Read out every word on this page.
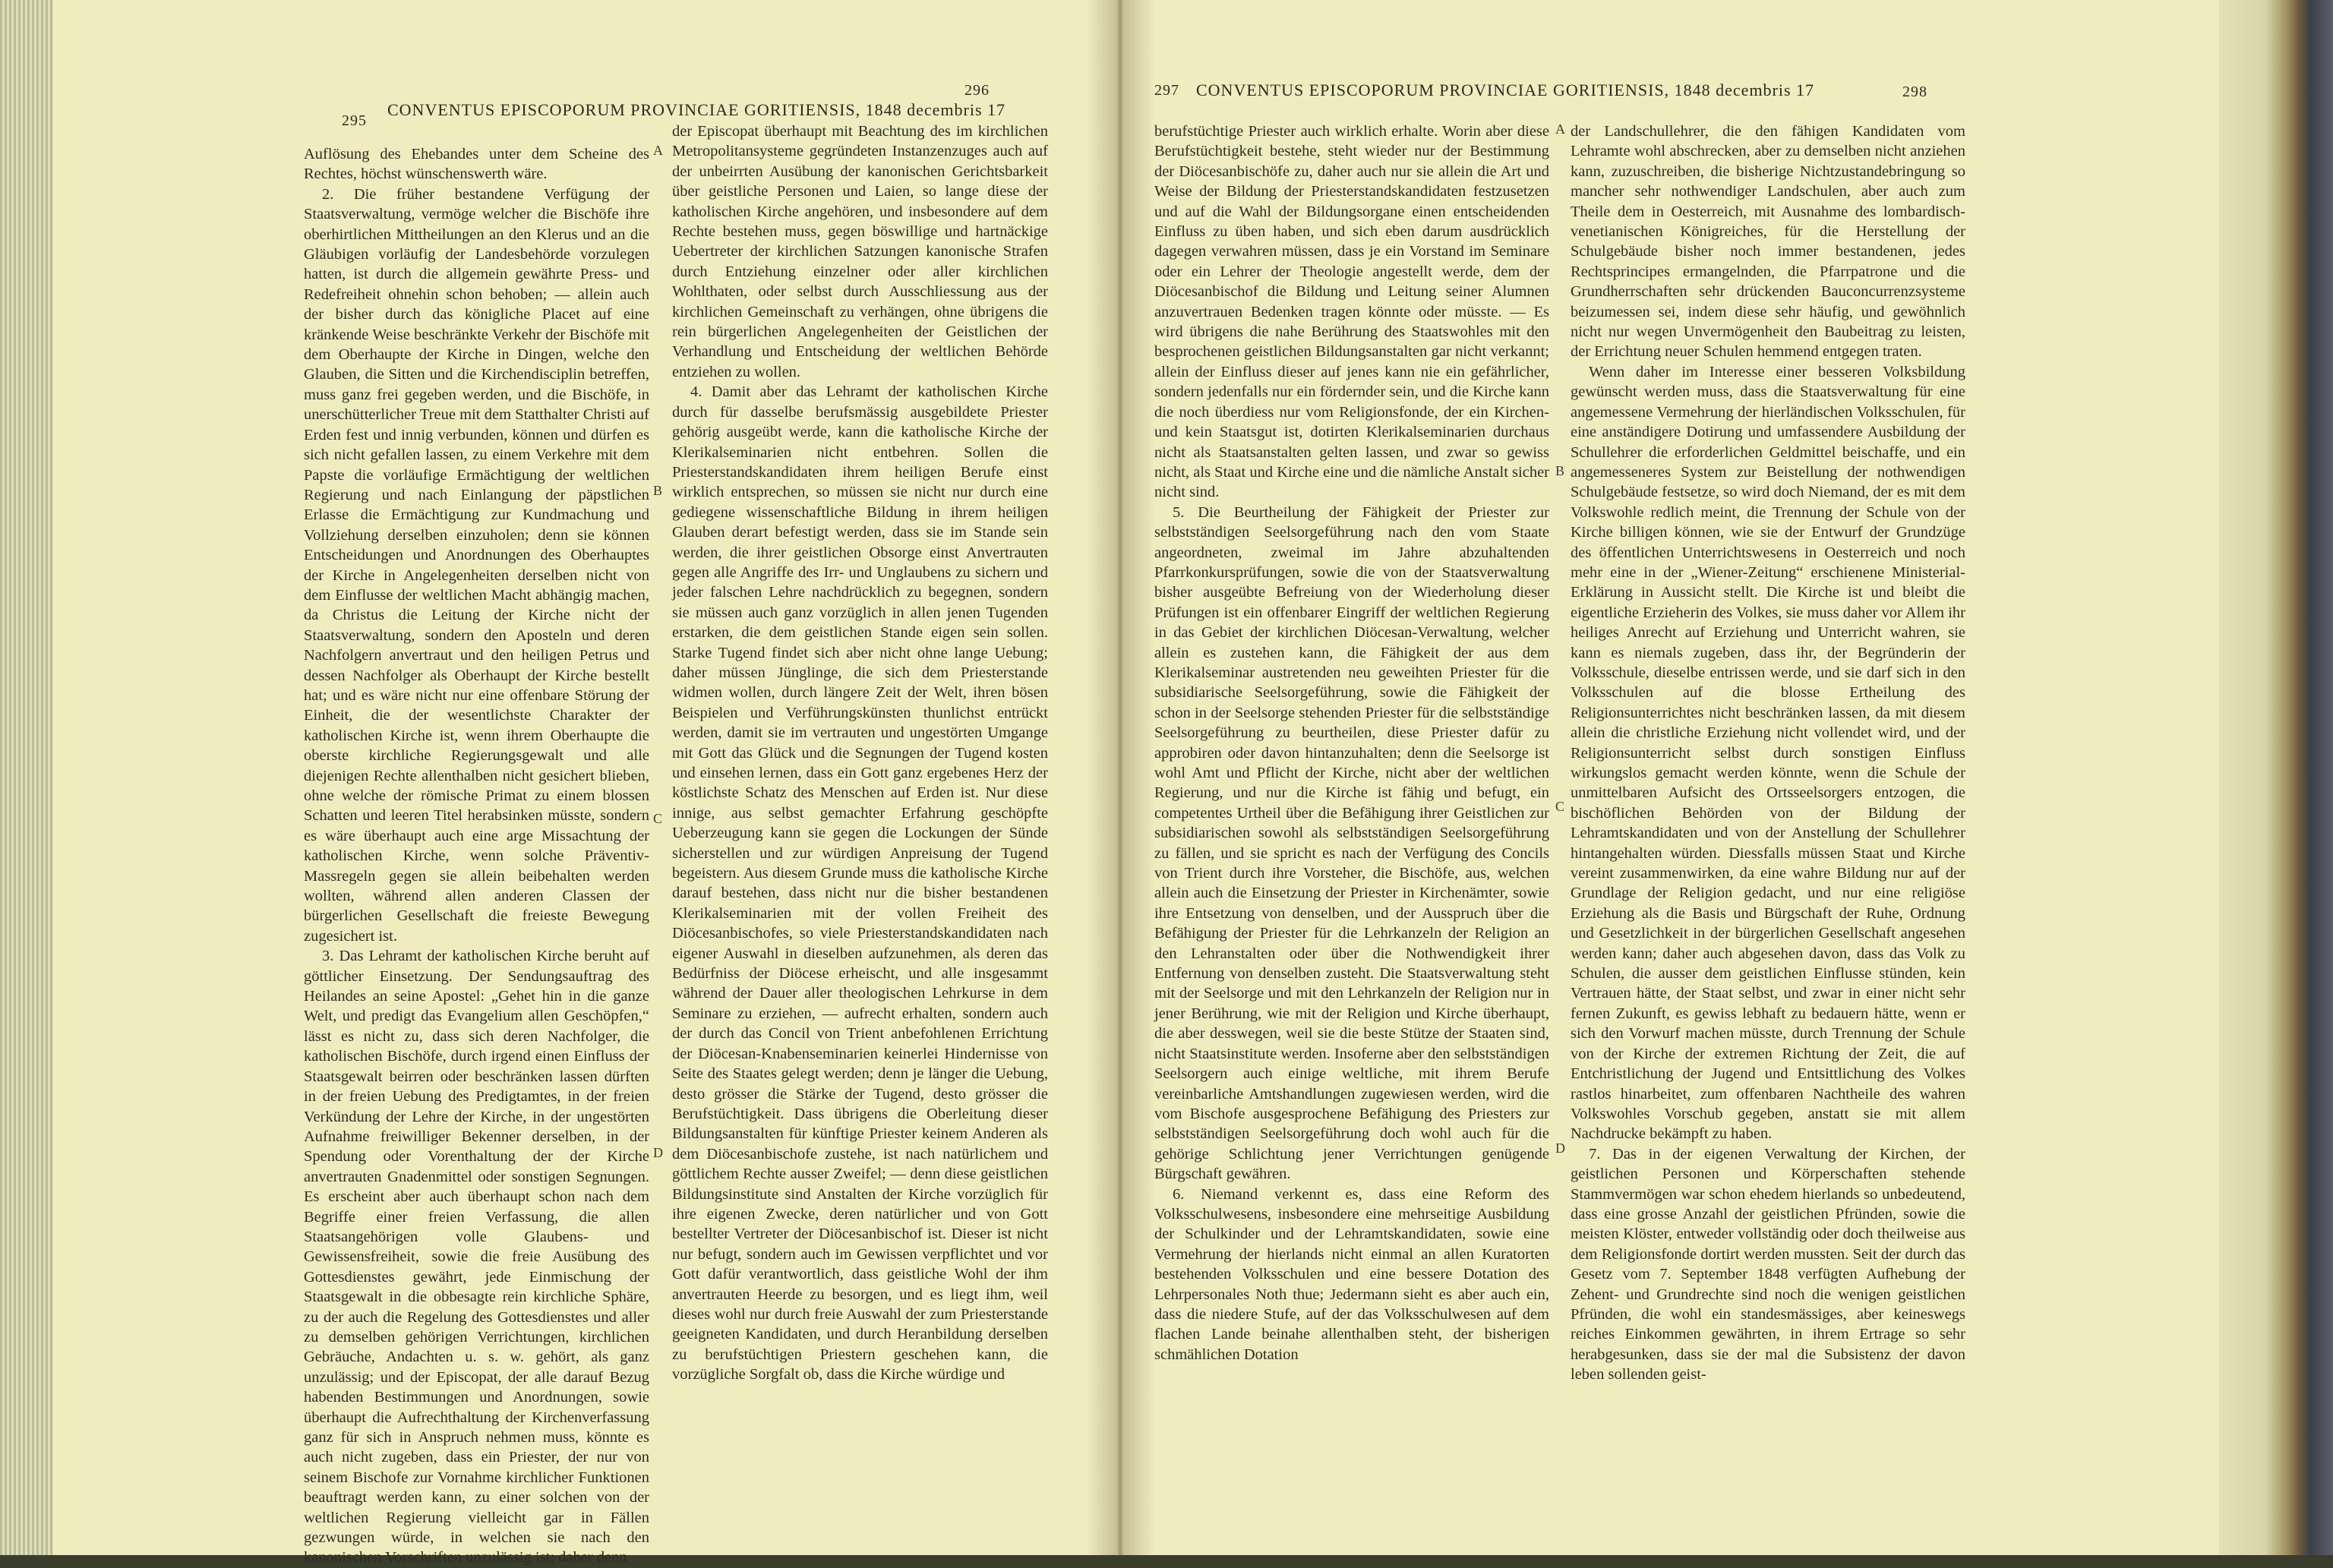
295
CONVENTUS EPISCOPORUM PROVINCIAE GORITIENSIS, 1848 decembris 17
296

Auflösung des Ehebandes unter dem Scheine des Rechtes, höchst wünschenswerth wäre.

2. Die früher bestandene Verfügung der Staatsverwaltung, vermöge welcher die Bischöfe ihre oberhirtlichen Mittheilungen an den Klerus und an die Gläubigen vorläufig der Landesbehörde vorzulegen hatten, ist durch die allgemein gewährte Press- und Redefreiheit ohnehin schon behoben; — allein auch der bisher durch das königliche Placet auf eine kränkende Weise beschränkte Verkehr der Bischöfe mit dem Oberhaupte der Kirche in Dingen, welche den Glauben, die Sitten und die Kirchendisciplin betreffen, muss ganz frei gegeben werden, und die Bischöfe, in unerschütterlicher Treue mit dem Statthalter Christi auf Erden fest und innig verbunden, können und dürfen es sich nicht gefallen lassen, zu einem Verkehre mit dem Papste die vorläufige Ermächtigung der weltlichen Regierung und nach Einlangung der päpstlichen Erlasse die Ermächtigung zur Kundmachung und Vollziehung derselben einzuholen; denn sie können Entscheidungen und Anordnungen des Oberhauptes der Kirche in Angelegenheiten derselben nicht von dem Einflusse der weltlichen Macht abhängig machen, da Christus die Leitung der Kirche nicht der Staatsverwaltung, sondern den Aposteln und deren Nachfolgern anvertraut und den heiligen Petrus und dessen Nachfolger als Oberhaupt der Kirche bestellt hat; und es wäre nicht nur eine offenbare Störung der Einheit, die der wesentlichste Charakter der katholischen Kirche ist, wenn ihrem Oberhaupte die oberste kirchliche Regierungsgewalt und alle diejenigen Rechte allenthalben nicht gesichert blieben, ohne welche der römische Primat zu einem blossen Schatten und leeren Titel herabsinken müsste, sondern es wäre überhaupt auch eine arge Missachtung der katholischen Kirche, wenn solche Präventiv-Massregeln gegen sie allein beibehalten werden wollten, während allen anderen Classen der bürgerlichen Gesellschaft die freieste Bewegung zugesichert ist.

3. Das Lehramt der katholischen Kirche beruht auf göttlicher Einsetzung. Der Sendungsauftrag des Heilandes an seine Apostel: „Gehet hin in die ganze Welt, und predigt das Evangelium allen Geschöpfen,“ lässt es nicht zu, dass sich deren Nachfolger, die katholischen Bischöfe, durch irgend einen Einfluss der Staatsgewalt beirren oder beschränken lassen dürften in der freien Uebung des Predigtamtes, in der freien Verkündung der Lehre der Kirche, in der ungestörten Aufnahme freiwilliger Bekenner derselben, in der Spendung oder Vorenthaltung der der Kirche anvertrauten Gnadenmittel oder sonstigen Segnungen. Es erscheint aber auch überhaupt schon nach dem Begriffe einer freien Verfassung, die allen Staatsangehörigen volle Glaubens- und Gewissensfreiheit, sowie die freie Ausübung des Gottesdienstes gewährt, jede Einmischung der Staatsgewalt in die obbesagte rein kirchliche Sphäre, zu der auch die Regelung des Gottesdienstes und aller zu demselben gehörigen Verrichtungen, kirchlichen Gebräuche, Andachten u. s. w. gehört, als ganz unzulässig; und der Episcopat, der alle darauf Bezug habenden Bestimmungen und Anordnungen, sowie überhaupt die Aufrechthaltung der Kirchenverfassung ganz für sich in Anspruch nehmen muss, könnte es auch nicht zugeben, dass ein Priester, der nur von seinem Bischofe zur Vornahme kirchlicher Funktionen beauftragt werden kann, zu einer solchen von der weltlichen Regierung vielleicht gar in Fällen gezwungen würde, in welchen sie nach den kanonischen Vorschriften unzulässig ist; daher denn

A
B
C
D

der Episcopat überhaupt mit Beachtung des im kirchlichen Metropolitansysteme gegründeten Instanzenzuges auch auf der unbeirrten Ausübung der kanonischen Gerichtsbarkeit über geistliche Personen und Laien, so lange diese der katholischen Kirche angehören, und insbesondere auf dem Rechte bestehen muss, gegen böswillige und hartnäckige Uebertreter der kirchlichen Satzungen kanonische Strafen durch Entziehung einzelner oder aller kirchlichen Wohlthaten, oder selbst durch Ausschliessung aus der kirchlichen Gemeinschaft zu verhängen, ohne übrigens die rein bürgerlichen Angelegenheiten der Geistlichen der Verhandlung und Entscheidung der weltlichen Behörde entziehen zu wollen.

4. Damit aber das Lehramt der katholischen Kirche durch für dasselbe berufsmässig ausgebildete Priester gehörig ausgeübt werde, kann die katholische Kirche der Klerikalseminarien nicht entbehren. Sollen die Priesterstandskandidaten ihrem heiligen Berufe einst wirklich entsprechen, so müssen sie nicht nur durch eine gediegene wissenschaftliche Bildung in ihrem heiligen Glauben derart befestigt werden, dass sie im Stande sein werden, die ihrer geistlichen Obsorge einst Anvertrauten gegen alle Angriffe des Irr- und Unglaubens zu sichern und jeder falschen Lehre nachdrücklich zu begegnen, sondern sie müssen auch ganz vorzüglich in allen jenen Tugenden erstarken, die dem geistlichen Stande eigen sein sollen. Starke Tugend findet sich aber nicht ohne lange Uebung; daher müssen Jünglinge, die sich dem Priesterstande widmen wollen, durch längere Zeit der Welt, ihren bösen Beispielen und Verführungskünsten thunlichst entrückt werden, damit sie im vertrauten und ungestörten Umgange mit Gott das Glück und die Segnungen der Tugend kosten und einsehen lernen, dass ein Gott ganz ergebenes Herz der köstlichste Schatz des Menschen auf Erden ist. Nur diese innige, aus selbst gemachter Erfahrung geschöpfte Ueberzeugung kann sie gegen die Lockungen der Sünde sicherstellen und zur würdigen Anpreisung der Tugend begeistern. Aus diesem Grunde muss die katholische Kirche darauf bestehen, dass nicht nur die bisher bestandenen Klerikalseminarien mit der vollen Freiheit des Diöcesanbischofes, so viele Priesterstandskandidaten nach eigener Auswahl in dieselben aufzunehmen, als deren das Bedürfniss der Diöcese erheischt, und alle insgesammt während der Dauer aller theologischen Lehrkurse in dem Seminare zu erziehen, — aufrecht erhalten, sondern auch der durch das Concil von Trient anbefohlenen Errichtung der Diöcesan-Knabenseminarien keinerlei Hindernisse von Seite des Staates gelegt werden; denn je länger die Uebung, desto grösser die Stärke der Tugend, desto grösser die Berufstüchtigkeit. Dass übrigens die Oberleitung dieser Bildungsanstalten für künftige Priester keinem Anderen als dem Diöcesanbischofe zustehe, ist nach natürlichem und göttlichem Rechte ausser Zweifel; — denn diese geistlichen Bildungsinstitute sind Anstalten der Kirche vorzüglich für ihre eigenen Zwecke, deren natürlicher und von Gott bestellter Vertreter der Diöcesanbischof ist. Dieser ist nicht nur befugt, sondern auch im Gewissen verpflichtet und vor Gott dafür verantwortlich, dass geistliche Wohl der ihm anvertrauten Heerde zu besorgen, und es liegt ihm, weil dieses wohl nur durch freie Auswahl der zum Priesterstande geeigneten Kandidaten, und durch Heranbildung derselben zu berufstüchtigen Priestern geschehen kann, die vorzügliche Sorgfalt ob, dass die Kirche würdige und

297 CONVENTUS EPISCOPORUM PROVINCIAE GORITIENSIS, 1848 decembris 17	298

berufstüchtige Priester auch wirklich erhalte. Worin aber diese Berufstüchtigkeit bestehe, steht wieder nur der Bestimmung der Diöcesanbischöfe zu, daher auch nur sie allein die Art und Weise der Bildung der Priesterstandskandidaten festzusetzen und auf die Wahl der Bildungsorgane einen entscheidenden Einfluss zu üben haben, und sich eben darum ausdrücklich dagegen verwahren müssen, dass je ein Vorstand im Seminare oder ein Lehrer der Theologie angestellt werde, dem der Diöcesanbischof die Bildung und Leitung seiner Alumnen anzuvertrauen Bedenken tragen könnte oder müsste. — Es wird übrigens die nahe Berührung des Staatswohles mit den besprochenen geistlichen Bildungsanstalten gar nicht verkannt; allein der Einfluss dieser auf jenes kann nie ein gefährlicher, sondern jedenfalls nur ein fördernder sein, und die Kirche kann die noch überdiess nur vom Religionsfonde, der ein Kirchen- und kein Staatsgut ist, dotirten Klerikalseminarien durchaus nicht als Staatsanstalten gelten lassen, und zwar so gewiss nicht, als Staat und Kirche eine und die nämliche Anstalt sicher nicht sind.

5. Die Beurtheilung der Fähigkeit der Priester zur selbstständigen Seelsorgeführung nach den vom Staate angeordneten, zweimal im Jahre abzuhaltenden Pfarrkonkursprüfungen, sowie die von der Staatsverwaltung bisher ausgeübte Befreiung von der Wiederholung dieser Prüfungen ist ein offenbarer Eingriff der weltlichen Regierung in das Gebiet der kirchlichen Diöcesan-Verwaltung, welcher allein es zustehen kann, die Fähigkeit der aus dem Klerikalseminar austretenden neu geweihten Priester für die subsidiarische Seelsorgeführung, sowie die Fähigkeit der schon in der Seelsorge stehenden Priester für die selbstständige Seelsorgeführung zu beurtheilen, diese Priester dafür zu approbiren oder davon hintanzuhalten; denn die Seelsorge ist wohl Amt und Pflicht der Kirche, nicht aber der weltlichen Regierung, und nur die Kirche ist fähig und befugt, ein competentes Urtheil über die Befähigung ihrer Geistlichen zur subsidiarischen sowohl als selbstständigen Seelsorgeführung zu fällen, und sie spricht es nach der Verfügung des Concils von Trient durch ihre Vorsteher, die Bischöfe, aus, welchen allein auch die Einsetzung der Priester in Kirchenämter, sowie ihre Entsetzung von denselben, und der Ausspruch über die Befähigung der Priester für die Lehrkanzeln der Religion an den Lehranstalten oder über die Nothwendigkeit ihrer Entfernung von denselben zusteht. Die Staatsverwaltung steht mit der Seelsorge und mit den Lehrkanzeln der Religion nur in jener Berührung, wie mit der Religion und Kirche überhaupt, die aber desswegen, weil sie die beste Stütze der Staaten sind, nicht Staatsinstitute werden. Insoferne aber den selbstständigen Seelsorgern auch einige weltliche, mit ihrem Berufe vereinbarliche Amtshandlungen zugewiesen werden, wird die vom Bischofe ausgesprochene Befähigung des Priesters zur selbstständigen Seelsorgeführung doch wohl auch für die gehörige Schlichtung jener Verrichtungen genügende Bürgschaft gewähren.

6. Niemand verkennt es, dass eine Reform des Volksschulwesens, insbesondere eine mehrseitige Ausbildung der Schulkinder und der Lehramtskandidaten, sowie eine Vermehrung der hierlands nicht einmal an allen Kuratorten bestehenden Volksschulen und eine bessere Dotation des Lehrpersonales Noth thue; Jedermann sieht es aber auch ein, dass die niedere Stufe, auf der das Volksschulwesen auf dem flachen Lande beinahe allenthalben steht, der bisherigen schmählichen Dotation

A
B
C
D

der Landschullehrer, die den fähigen Kandidaten vom Lehramte wohl abschrecken, aber zu demselben nicht anziehen kann, zuzuschreiben, die bisherige Nichtzustandebringung so mancher sehr nothwendiger Landschulen, aber auch zum Theile dem in Oesterreich, mit Ausnahme des lombardisch-venetianischen Königreiches, für die Herstellung der Schulgebäude bisher noch immer bestandenen, jedes Rechtsprincipes ermangelnden, die Pfarrpatrone und die Grundherrschaften sehr drückenden Bauconcurrenzsysteme beizumessen sei, indem diese sehr häufig, und gewöhnlich nicht nur wegen Unvermögenheit den Baubeitrag zu leisten, der Errichtung neuer Schulen hemmend entgegen traten.

Wenn daher im Interesse einer besseren Volksbildung gewünscht werden muss, dass die Staatsverwaltung für eine angemessene Vermehrung der hierländischen Volksschulen, für eine anständigere Dotirung und umfassendere Ausbildung der Schullehrer die erforderlichen Geldmittel beischaffe, und ein angemesseneres System zur Beistellung der nothwendigen Schulgebäude festsetze, so wird doch Niemand, der es mit dem Volkswohle redlich meint, die Trennung der Schule von der Kirche billigen können, wie sie der Entwurf der Grundzüge des öffentlichen Unterrichtswesens in Oesterreich und noch mehr eine in der „Wiener-Zeitung“ erschienene Ministerial-Erklärung in Aussicht stellt. Die Kirche ist und bleibt die eigentliche Erzieherin des Volkes, sie muss daher vor Allem ihr heiliges Anrecht auf Erziehung und Unterricht wahren, sie kann es niemals zugeben, dass ihr, der Begründerin der Volksschule, dieselbe entrissen werde, und sie darf sich in den Volksschulen auf die blosse Ertheilung des Religionsunterrichtes nicht beschränken lassen, da mit diesem allein die christliche Erziehung nicht vollendet wird, und der Religionsunterricht selbst durch sonstigen Einfluss wirkungslos gemacht werden könnte, wenn die Schule der unmittelbaren Aufsicht des Ortsseelsorgers entzogen, die bischöflichen Behörden von der Bildung der Lehramtskandidaten und von der Anstellung der Schullehrer hintangehalten würden. Diessfalls müssen Staat und Kirche vereint zusammenwirken, da eine wahre Bildung nur auf der Grundlage der Religion gedacht, und nur eine religiöse Erziehung als die Basis und Bürgschaft der Ruhe, Ordnung und Gesetzlichkeit in der bürgerlichen Gesellschaft angesehen werden kann; daher auch abgesehen davon, dass das Volk zu Schulen, die ausser dem geistlichen Einflusse stünden, kein Vertrauen hätte, der Staat selbst, und zwar in einer nicht sehr fernen Zukunft, es gewiss lebhaft zu bedauern hätte, wenn er sich den Vorwurf machen müsste, durch Trennung der Schule von der Kirche der extremen Richtung der Zeit, die auf Entchristlichung der Jugend und Entsittlichung des Volkes rastlos hinarbeitet, zum offenbaren Nachtheile des wahren Volkswohles Vorschub gegeben, anstatt sie mit allem Nachdrucke bekämpft zu haben.

7. Das in der eigenen Verwaltung der Kirchen, der geistlichen Personen und Körperschaften stehende Stammvermögen war schon ehedem hierlands so unbedeutend, dass eine grosse Anzahl der geistlichen Pfründen, sowie die meisten Klöster, entweder vollständig oder doch theilweise aus dem Religionsfonde dortirt werden mussten. Seit der durch das Gesetz vom 7. September 1848 verfügten Aufhebung der Zehent- und Grundrechte sind noch die wenigen geistlichen Pfründen, die wohl ein standesmässiges, aber keineswegs reiches Einkommen gewährten, in ihrem Ertrage so sehr herabgesunken, dass sie der mal die Subsistenz der davon leben sollenden geist-
